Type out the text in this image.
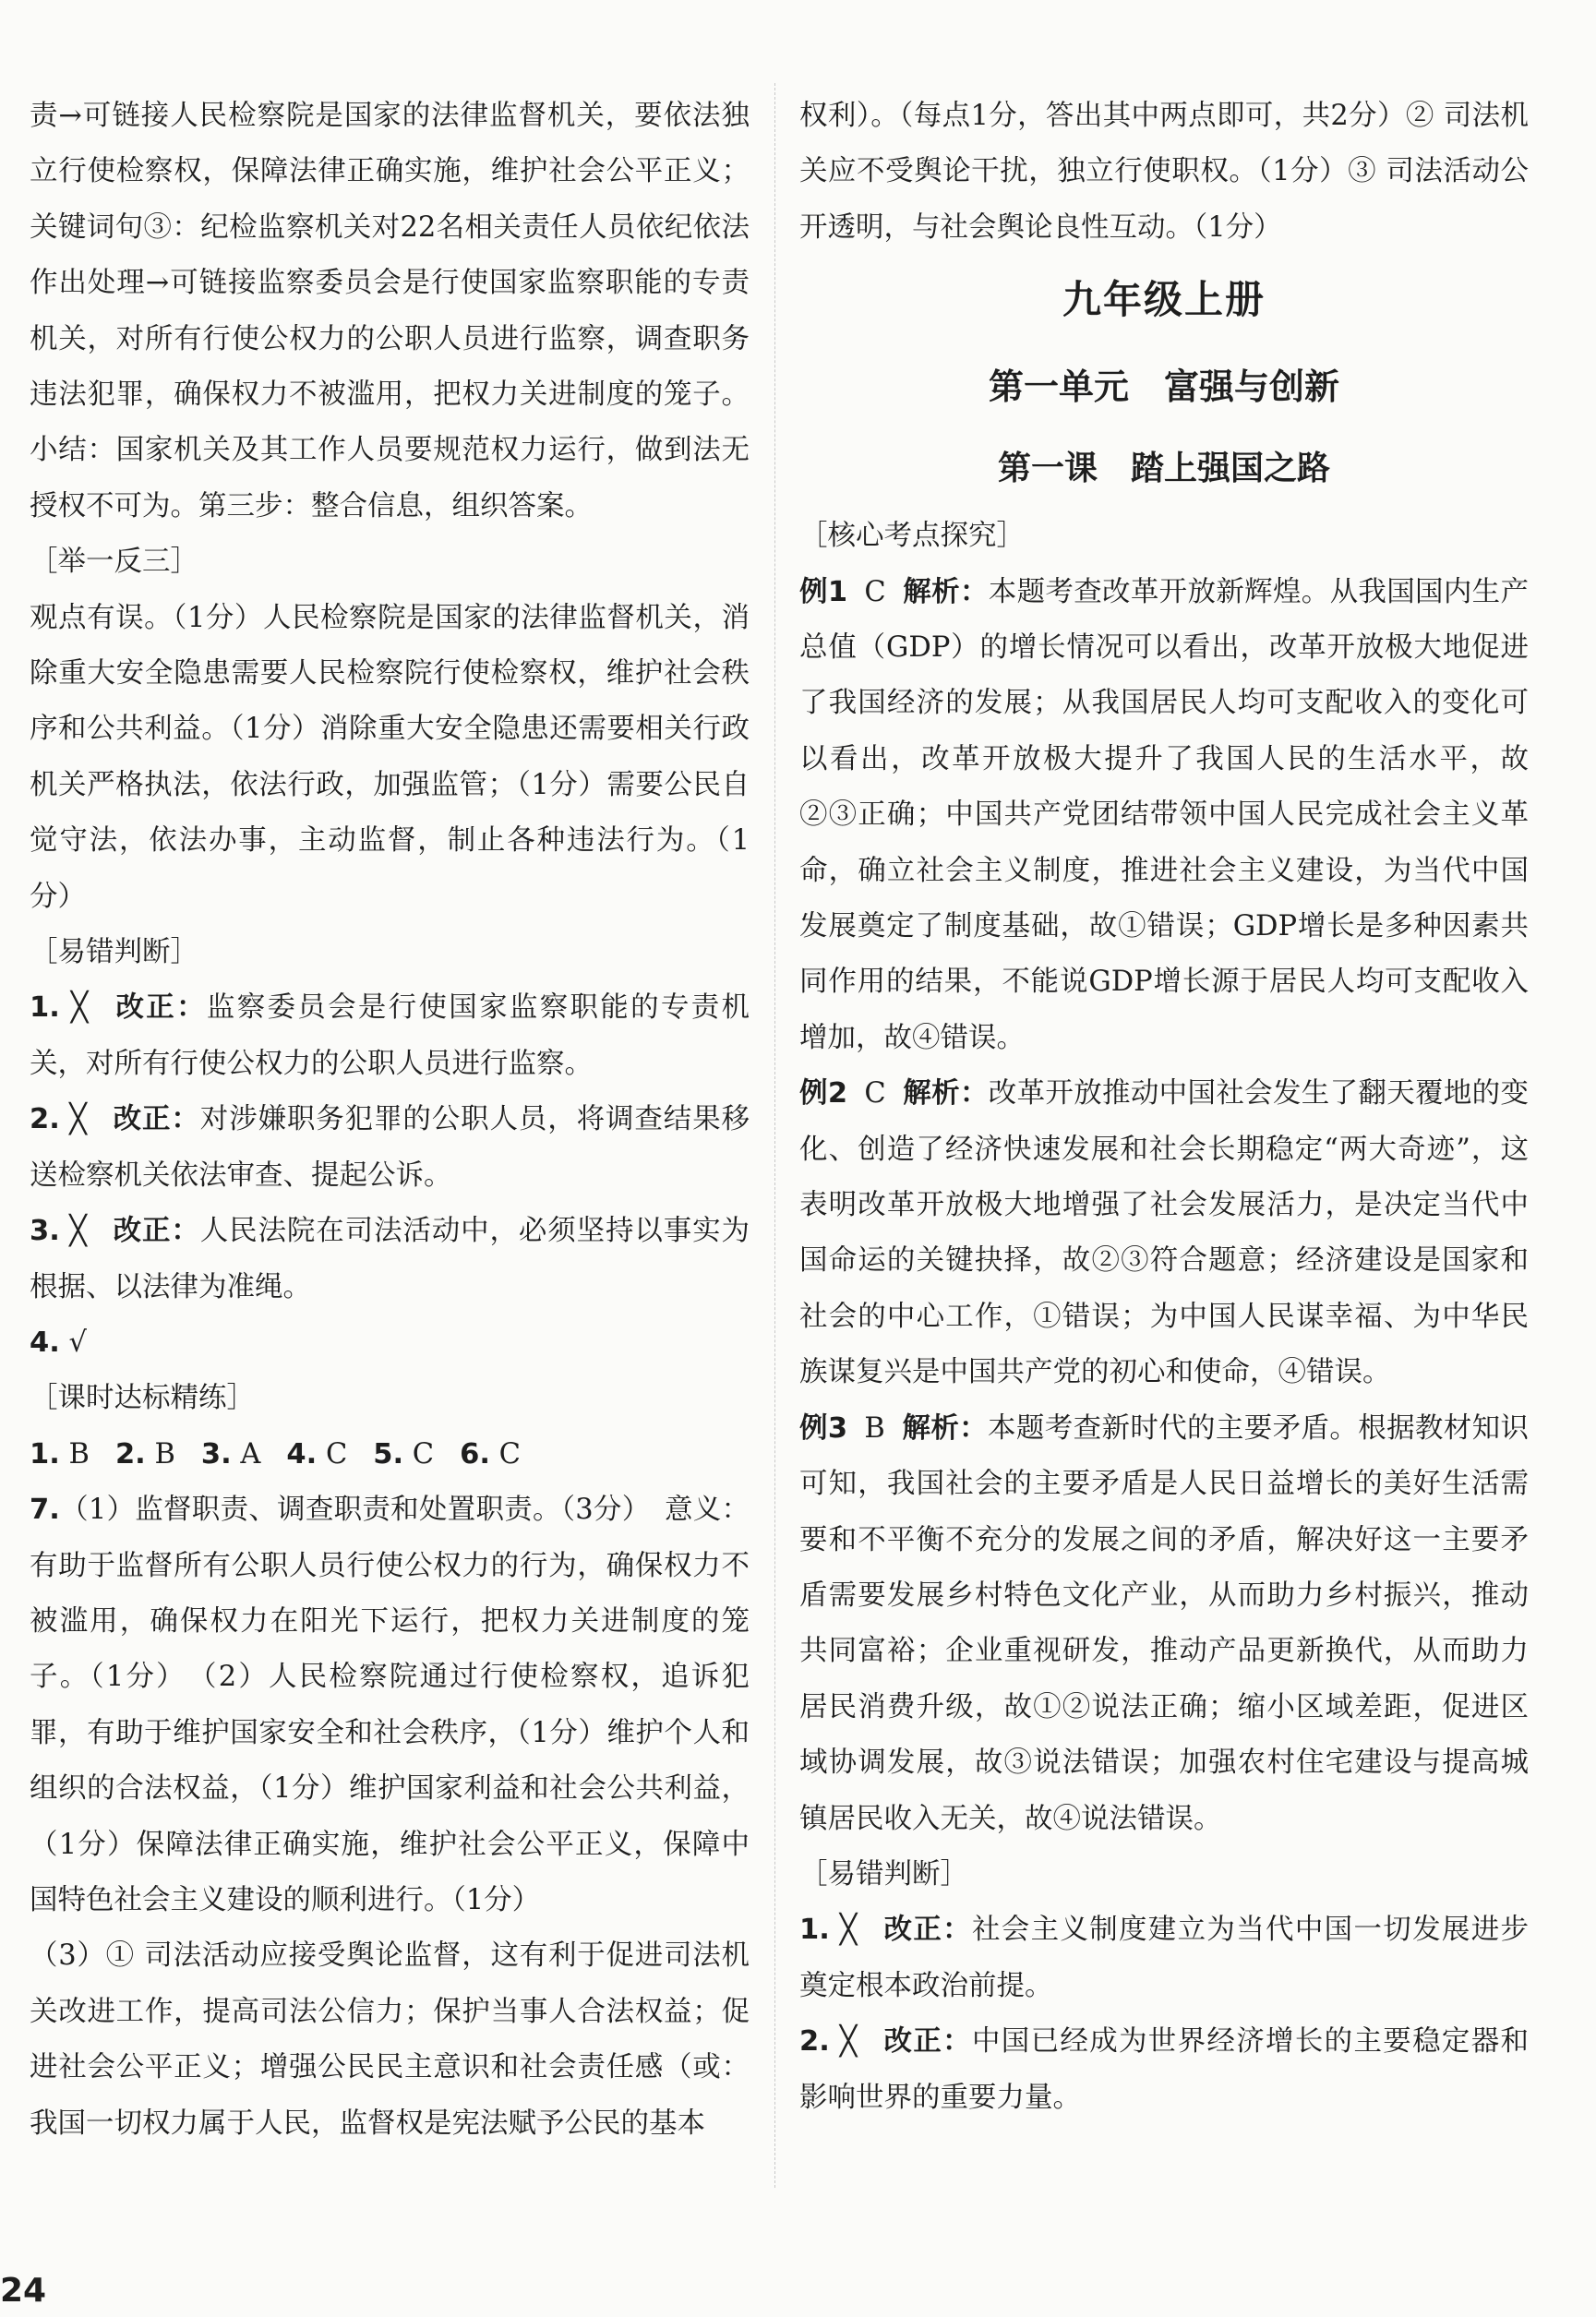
责→可链接人民检察院是国家的法律监督机关，要依法独立行使检察权，保障法律正确实施，维护社会公平正义；关键词句③：纪检监察机关对22名相关责任人员依纪依法作出处理→可链接监察委员会是行使国家监察职能的专责机关，对所有行使公权力的公职人员进行监察，调查职务违法犯罪，确保权力不被滥用，把权力关进制度的笼子。小结：国家机关及其工作人员要规范权力运行，做到法无授权不可为。第三步：整合信息，组织答案。

［举一反三］

观点有误。（1分）人民检察院是国家的法律监督机关，消除重大安全隐患需要人民检察院行使检察权，维护社会秩序和公共利益。（1分）消除重大安全隐患还需要相关行政机关严格执法，依法行政，加强监管；（1分）需要公民自觉守法，依法办事，主动监督，制止各种违法行为。（1分）

［易错判断］

1. ╳ 改正：监察委员会是行使国家监察职能的专责机关，对所有行使公权力的公职人员进行监察。

2. ╳ 改正：对涉嫌职务犯罪的公职人员，将调查结果移送检察机关依法审查、提起公诉。

3. ╳ 改正：人民法院在司法活动中，必须坚持以事实为根据、以法律为准绳。

4. √

［课时达标精练］

1. B 2. B 3. A 4. C 5. C 6. C

7.（1）监督职责、调查职责和处置职责。（3分）　意义：有助于监督所有公职人员行使公权力的行为，确保权力不被滥用，确保权力在阳光下运行，把权力关进制度的笼子。（1分）　（2）人民检察院通过行使检察权，追诉犯罪，有助于维护国家安全和社会秩序，（1分）维护个人和组织的合法权益，（1分）维护国家利益和社会公共利益，（1分）保障法律正确实施，维护社会公平正义，保障中国特色社会主义建设的顺利进行。（1分）

（3）① 司法活动应接受舆论监督，这有利于促进司法机关改进工作，提高司法公信力；保护当事人合法权益；促进社会公平正义；增强公民民主意识和社会责任感（或：我国一切权力属于人民，监督权是宪法赋予公民的基本

权利）。（每点1分，答出其中两点即可，共2分）② 司法机关应不受舆论干扰，独立行使职权。（1分）③ 司法活动公开透明，与社会舆论良性互动。（1分）

九年级上册
第一单元 富强与创新
第一课 踏上强国之路
［核心考点探究］

例1 C 解析：本题考查改革开放新辉煌。从我国国内生产总值（GDP）的增长情况可以看出，改革开放极大地促进了我国经济的发展；从我国居民人均可支配收入的变化可以看出，改革开放极大提升了我国人民的生活水平，故②③正确；中国共产党团结带领中国人民完成社会主义革命，确立社会主义制度，推进社会主义建设，为当代中国发展奠定了制度基础，故①错误；GDP增长是多种因素共同作用的结果，不能说GDP增长源于居民人均可支配收入增加，故④错误。

例2 C 解析：改革开放推动中国社会发生了翻天覆地的变化、创造了经济快速发展和社会长期稳定“两大奇迹”，这表明改革开放极大地增强了社会发展活力，是决定当代中国命运的关键抉择，故②③符合题意；经济建设是国家和社会的中心工作，①错误；为中国人民谋幸福、为中华民族谋复兴是中国共产党的初心和使命，④错误。

例3 B 解析：本题考查新时代的主要矛盾。根据教材知识可知，我国社会的主要矛盾是人民日益增长的美好生活需要和不平衡不充分的发展之间的矛盾，解决好这一主要矛盾需要发展乡村特色文化产业，从而助力乡村振兴，推动共同富裕；企业重视研发，推动产品更新换代，从而助力居民消费升级，故①②说法正确；缩小区域差距，促进区域协调发展，故③说法错误；加强农村住宅建设与提高城镇居民收入无关，故④说法错误。

［易错判断］

1. ╳ 改正：社会主义制度建立为当代中国一切发展进步奠定根本政治前提。

2. ╳ 改正：中国已经成为世界经济增长的主要稳定器和影响世界的重要力量。

24
